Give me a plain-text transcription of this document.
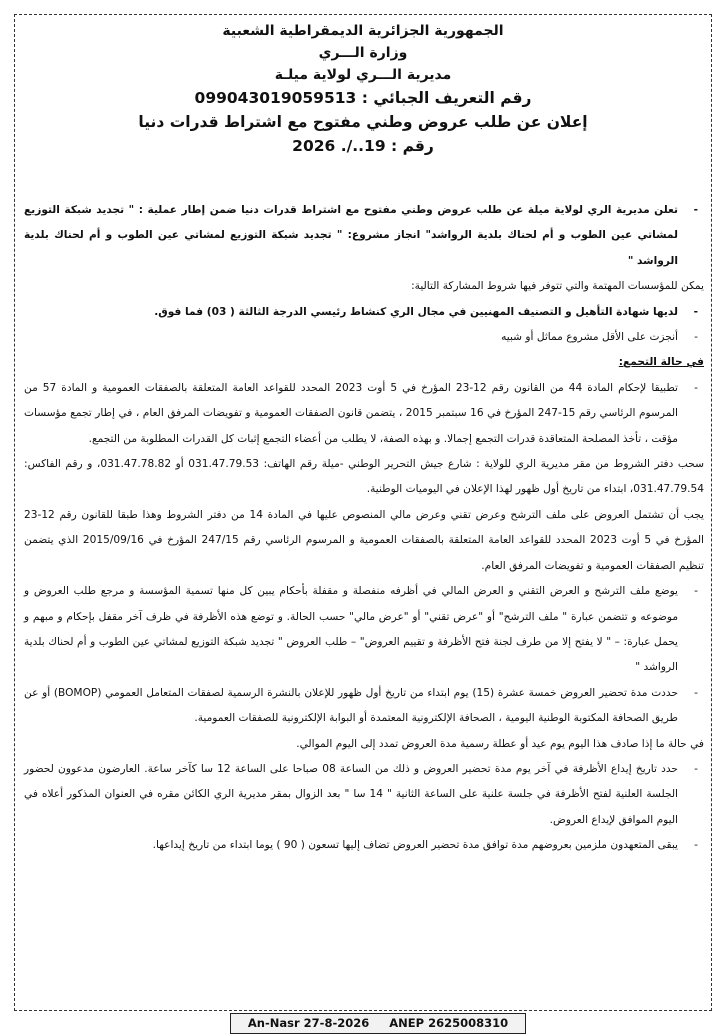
الجمهورية الجزائرية الديمقراطية الشعبية
وزارة الـــري
مديرية الـــري لولاية ميلـة
رقم التعريف الجبائي : 099043019059513
إعلان عن طلب عروض وطني مفتوح مع اشتراط قدرات دنيا
رقم : 19../. 2026

-
تعلن مديرية الري لولاية ميلة عن طلب عروض وطني مفتوح مع اشتراط قدرات دنيا ضمن إطار عملية : " تجديد شبكة التوزيع لمشاتي عين الطوب و أم لحناك بلدية الرواشد" انجاز مشروع: " تجديد شبكة التوزيع لمشاتي عين الطوب و أم لحناك بلدية الرواشد "

يمكن للمؤسسات المهتمة والتي تتوفر فيها شروط المشاركة التالية:

-
لديها شهادة التأهيل و التصنيف المهنيين في مجال الري كنشاط رئيسي الدرجة الثالثة ( 03) فما فوق.

-
أنجزت على الأقل مشروع مماثل أو شبيه

في حالة التجمع:

-
تطبيقا لإحكام المادة 44 من القانون رقم 12-23 المؤرخ في 5 أوت 2023 المحدد للقواعد العامة المتعلقة بالصفقات العمومية و المادة 57 من المرسوم الرئاسي رقم 15-247 المؤرخ في 16 سبتمبر 2015 ، يتضمن قانون الصفقات العمومية و تفويضات المرفق العام ، في إطار تجمع مؤسسات مؤقت ، تأخذ المصلحة المتعاقدة قدرات التجمع إجمالا. و بهذه الصفة، لا يطلب من أعضاء التجمع إثبات كل القدرات المطلوبة من التجمع.

سحب دفتر الشروط من مقر مديرية الري للولاية : شارع جيش التحرير الوطني -ميلة رقم الهاتف: 031.47.79.53 أو 031.47.78.82، و رقم الفاكس: 031.47.79.54، ابتداء من تاريخ أول ظهور لهذا الإعلان في اليوميات الوطنية.

يجب أن تشتمل العروض على ملف الترشح وعرض تقني وعرض مالي المنصوص عليها في المادة 14 من دفتر الشروط وهذا طبقا للقانون رقم 12-23 المؤرخ في 5 أوت 2023 المحدد للقواعد العامة المتعلقة بالصفقات العمومية و المرسوم الرئاسي رقم 247/15 المؤرخ في 2015/09/16 الذي يتضمن تنظيم الصفقات العمومية و تفويضات المرفق العام.

-
يوضع ملف الترشح و العرض التقني و العرض المالي في أظرفه منفصلة و مقفلة بأحكام يبين كل منها تسمية المؤسسة و مرجع طلب العروض و موضوعه و تتضمن عبارة " ملف الترشح" أو "عرض تقني" أو "عرض مالي" حسب الحالة. و توضع هذه الأظرفة في ظرف آخر مقفل بإحكام و مبهم و يحمل عبارة: – " لا يفتح إلا من طرف لجنة فتح الأظرفة و تقييم العروض" – طلب العروض " تجديد شبكة التوزيع لمشاتي عين الطوب و أم لحناك بلدية الرواشد "

-
حددت مدة تحضير العروض خمسة عشرة (15) يوم ابتداء من تاريخ أول ظهور للإعلان بالنشرة الرسمية لصفقات المتعامل العمومي (BOMOP) أو عن طريق الصحافة المكتوبة الوطنية اليومية ، الصحافة الإلكترونية المعتمدة أو البوابة الإلكترونية للصفقات العمومية.

في حالة ما إذا صادف هذا اليوم يوم عيد أو عطلة رسمية مدة العروض تمدد إلى اليوم الموالي.

-
حدد تاريخ إيداع الأظرفة في آخر يوم مدة تحضير العروض و ذلك من الساعة 08 صباحا على الساعة 12 سا كآخر ساعة. العارضون مدعوون لحضور الجلسة العلنية لفتح الأظرفة في جلسة علنية على الساعة الثانية " 14 سا " بعد الزوال بمقر مديرية الري الكائن مقره في العنوان المذكور أعلاه في اليوم الموافق لإيداع العروض.

-
يبقى المتعهدون ملزمين بعروضهم مدة توافق مدة تحضير العروض تضاف إليها تسعون ( 90 ) يوما ابتداء من تاريخ إيداعها.

An-Nasr 27-8-2026 ANEP 2625008310
